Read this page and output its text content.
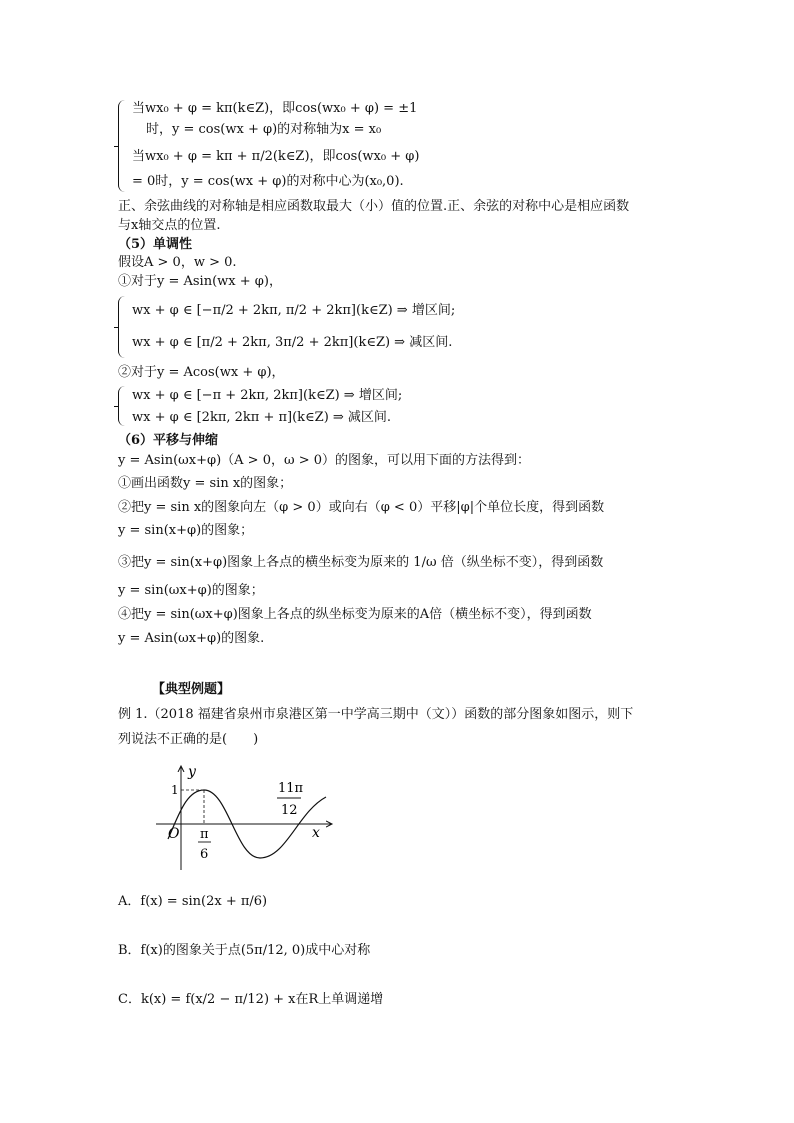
当wx₀ + φ = kπ(k∈Z)，即cos(wx₀ + φ) = ±1
时，y = cos(wx + φ)的对称轴为x = x₀
当wx₀ + φ = kπ + π/2(k∈Z)，即cos(wx₀ + φ)
= 0时，y = cos(wx + φ)的对称中心为(x₀,0).
正、余弦曲线的对称轴是相应函数取最大（小）值的位置.正、余弦的对称中心是相应函数
与x轴交点的位置.
（5）单调性
假设A > 0，w > 0.
①对于y = Asin(wx + φ)，
wx + φ ∈ [−π/2 + 2kπ, π/2 + 2kπ](k∈Z) ⇒ 增区间;
wx + φ ∈ [π/2 + 2kπ, 3π/2 + 2kπ](k∈Z) ⇒ 减区间.
②对于y = Acos(wx + φ)，
wx + φ ∈ [−π + 2kπ, 2kπ](k∈Z) ⇒ 增区间;
wx + φ ∈ [2kπ, 2kπ + π](k∈Z) ⇒ 减区间.
（6）平移与伸缩
y = Asin(ωx+φ)（A > 0，ω > 0）的图象，可以用下面的方法得到：
①画出函数y = sin x的图象；
②把y = sin x的图象向左（φ > 0）或向右（φ < 0）平移|φ|个单位长度，得到函数
y = sin(x+φ)的图象；
③把y = sin(x+φ)图象上各点的横坐标变为原来的 1/ω 倍（纵坐标不变），得到函数
y = sin(ωx+φ)的图象；
④把y = sin(ωx+φ)图象上各点的纵坐标变为原来的A倍（横坐标不变），得到函数
y = Asin(ωx+φ)的图象.
【典型例题】
例 1.（2018 福建省泉州市泉港区第一中学高三期中（文））函数的部分图象如图示，则下
列说法不正确的是(　　)
y
x
O
1
π
6
11π
12
A．f(x) = sin(2x + π/6)
B．f(x)的图象关于点(5π/12, 0)成中心对称
C．k(x) = f(x/2 − π/12) + x在R上单调递增
